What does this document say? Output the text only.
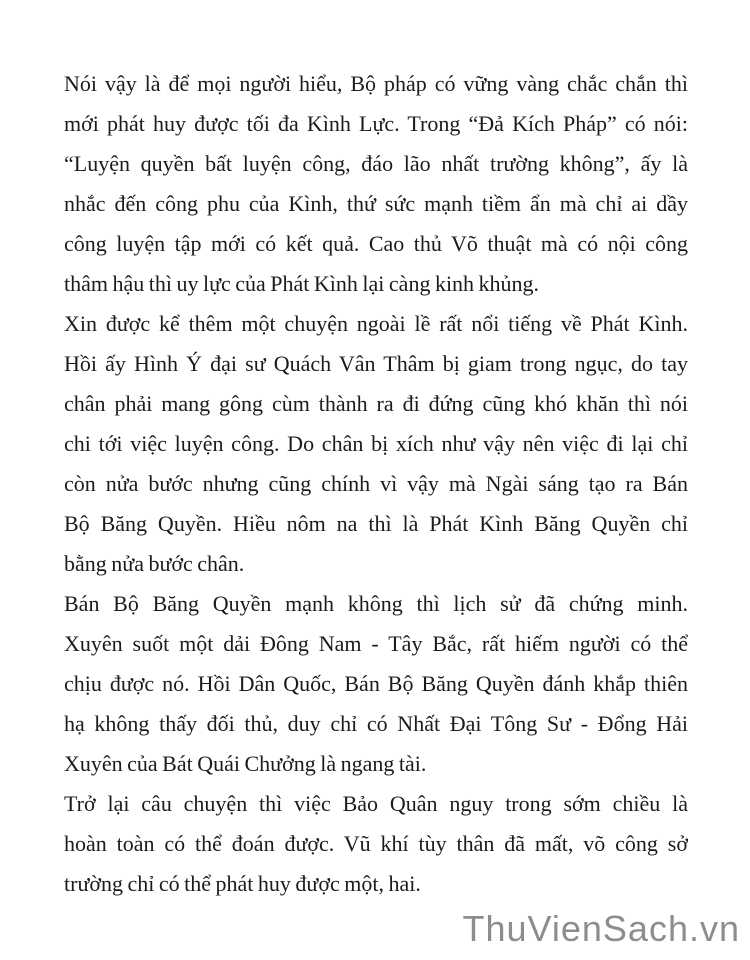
Nói vậy là để mọi người hiểu, Bộ pháp có vững vàng chắc chắn thì
mới phát huy được tối đa Kình Lực. Trong “Đả Kích Pháp” có nói:
“Luyện quyền bất luyện công, đáo lão nhất trường không”, ấy là
nhắc đến công phu của Kình, thứ sức mạnh tiềm ẩn mà chỉ ai dầy
công luyện tập mới có kết quả. Cao thủ Võ thuật mà có nội công
thâm hậu thì uy lực của Phát Kình lại càng kinh khủng.
Xin được kể thêm một chuyện ngoài lề rất nổi tiếng về Phát Kình.
Hồi ấy Hình Ý đại sư Quách Vân Thâm bị giam trong ngục, do tay
chân phải mang gông cùm thành ra đi đứng cũng khó khăn thì nói
chi tới việc luyện công. Do chân bị xích như vậy nên việc đi lại chỉ
còn nửa bước nhưng cũng chính vì vậy mà Ngài sáng tạo ra Bán
Bộ Băng Quyền. Hiều nôm na thì là Phát Kình Băng Quyền chỉ
bằng nửa bước chân.
Bán Bộ Băng Quyền mạnh không thì lịch sử đã chứng minh.
Xuyên suốt một dải Đông Nam - Tây Bắc, rất hiếm người có thể
chịu được nó. Hồi Dân Quốc, Bán Bộ Băng Quyền đánh khắp thiên
hạ không thấy đối thủ, duy chỉ có Nhất Đại Tông Sư - Đổng Hải
Xuyên của Bát Quái Chưởng là ngang tài.
Trở lại câu chuyện thì việc Bảo Quân nguy trong sớm chiều là
hoàn toàn có thể đoán được. Vũ khí tùy thân đã mất, võ công sở
trường chỉ có thể phát huy được một, hai.
ThuVienSach.vn
